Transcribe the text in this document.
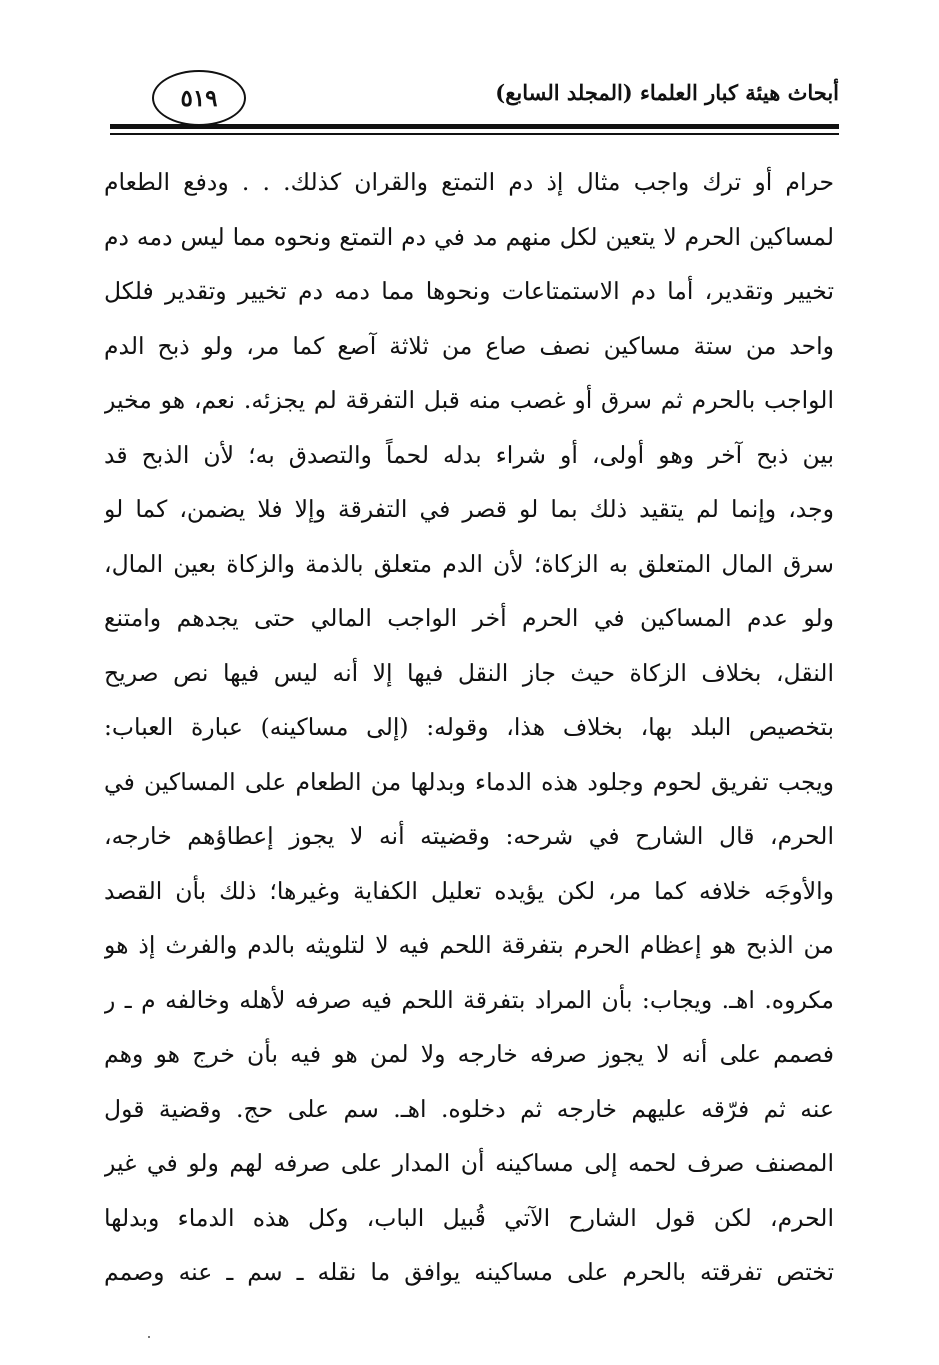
٥١٩	أبحاث هيئة كبار العلماء (المجلد السابع)
حرام أو ترك واجب مثال إذ دم التمتع والقران كذلك. . . ودفع الطعام
لمساكين الحرم لا يتعين لكل منهم مد في دم التمتع ونحوه مما ليس دمه دم
تخيير وتقدير، أما دم الاستمتاعات ونحوها مما دمه دم تخيير وتقدير فلكل
واحد من ستة مساكين نصف صاع من ثلاثة آصع كما مر، ولو ذبح الدم
الواجب بالحرم ثم سرق أو غصب منه قبل التفرقة لم يجزئه. نعم، هو مخير
بين ذبح آخر وهو أولى، أو شراء بدله لحماً والتصدق به؛ لأن الذبح قد
وجد، وإنما لم يتقيد ذلك بما لو قصر في التفرقة وإلا فلا يضمن، كما لو
سرق المال المتعلق به الزكاة؛ لأن الدم متعلق بالذمة والزكاة بعين المال،
ولو عدم المساكين في الحرم أخر الواجب المالي حتى يجدهم وامتنع
النقل، بخلاف الزكاة حيث جاز النقل فيها إلا أنه ليس فيها نص صريح
بتخصيص البلد بها، بخلاف هذا، وقوله: (إلى مساكينه) عبارة العباب:
ويجب تفريق لحوم وجلود هذه الدماء وبدلها من الطعام على المساكين في
الحرم، قال الشارح في شرحه: وقضيته أنه لا يجوز إعطاؤهم خارجه،
والأوجَه خلافه كما مر، لكن يؤيده تعليل الكفاية وغيرها؛ ذلك بأن القصد
من الذبح هو إعظام الحرم بتفرقة اللحم فيه لا لتلويثه بالدم والفرث إذ هو
مكروه. اهـ. ويجاب: بأن المراد بتفرقة اللحم فيه صرفه لأهله وخالفه م ـ ر
فصمم على أنه لا يجوز صرفه خارجه ولا لمن هو فيه بأن خرج هو وهم
عنه ثم فرّقه عليهم خارجه ثم دخلوه. اهـ. سم على حج. وقضية قول
المصنف صرف لحمه إلى مساكينه أن المدار على صرفه لهم ولو في غير
الحرم، لكن قول الشارح الآتي قُبيل الباب، وكل هذه الدماء وبدلها
تختص تفرقته بالحرم على مساكينه يوافق ما نقله ـ سم ـ عنه وصمم
